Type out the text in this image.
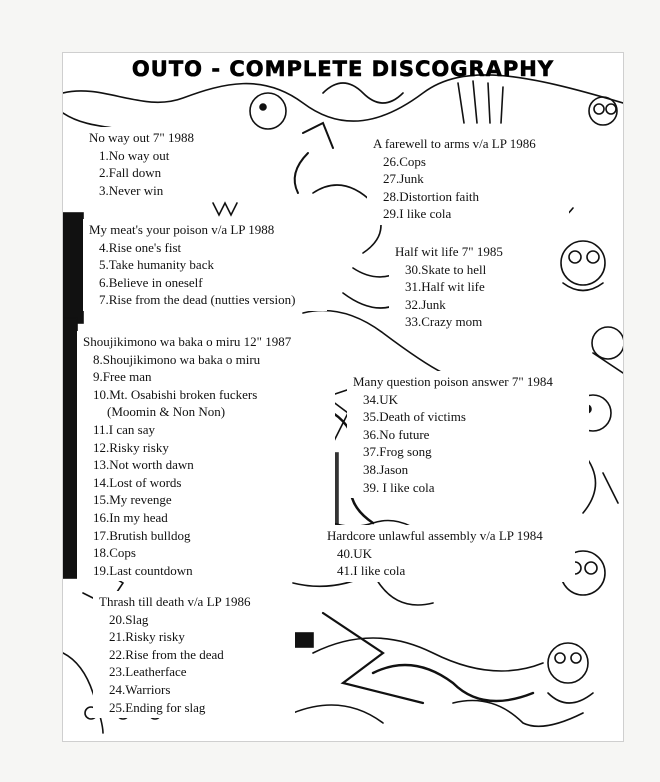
OUTO - COMPLETE DISCOGRAPHY
No way out 7" 1988
1.No way out
2.Fall down
3.Never win
My meat's your poison v/a LP 1988
4.Rise one's fist
5.Take humanity back
6.Believe in oneself
7.Rise from the dead (nutties version)
Shoujikimono wa baka o miru 12" 1987
8.Shoujikimono wa baka o miru
9.Free man
10.Mt. Osabishi broken fuckers
(Moomin & Non Non)
11.I can say
12.Risky risky
13.Not worth dawn
14.Lost of words
15.My revenge
16.In my head
17.Brutish bulldog
18.Cops
19.Last countdown
Thrash till death v/a LP 1986
20.Slag
21.Risky risky
22.Rise from the dead
23.Leatherface
24.Warriors
25.Ending for slag
A farewell to arms v/a LP 1986
26.Cops
27.Junk
28.Distortion faith
29.I like cola
Half wit life 7" 1985
30.Skate to hell
31.Half wit life
32.Junk
33.Crazy mom
Many question poison answer 7" 1984
34.UK
35.Death of victims
36.No future
37.Frog song
38.Jason
39. I like cola
Hardcore unlawful assembly v/a LP 1984
40.UK
41.I like cola
